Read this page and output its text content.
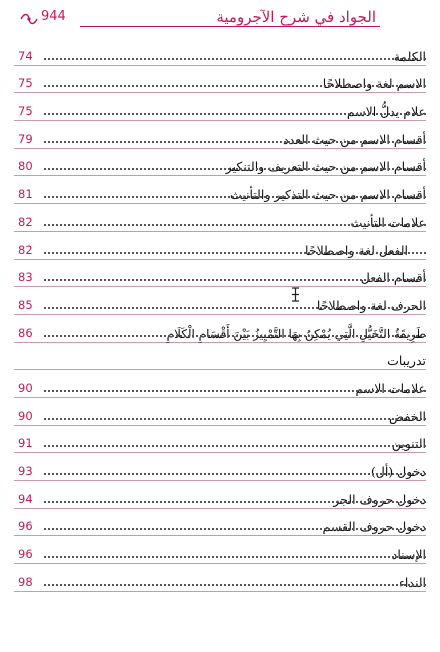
944	الجواد في شرح الآجرومية
الكلمة
74
الاسم لغة واصطلاحًا
75
علام يدلُّ الاسم
75
أقسام الاسم من حيث العدد
79
أقسام الاسم من حيث التعريف والتنكير
80
أقسام الاسم من حيث التذكير والتأنيث
81
علامات التأنيث
82
الفعل لغة واصطلاحًا
82
أقسام الفعل
83
الحرف لغة واصطلاحًا
85
طَرِيقَةُ التَّخَيُّلِ الَّتِي يُمْكِنُ بِهَا التَّمْيِيزُ بَيْنَ أَقْسَامِ الْكَلَامِ
86
تدريبات
علامات الاسم
90
الخفض
90
التنوين
91
دخول (أل)
93
دخول حروف الجر
94
دخول حروف القسم
96
الإسناد
96
النداء
98
